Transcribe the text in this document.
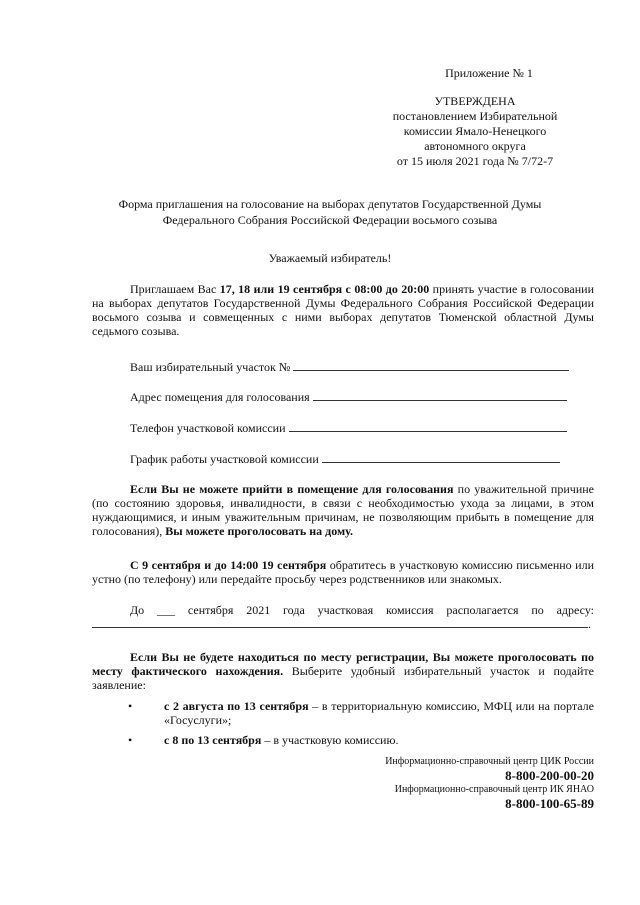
Приложение № 1
УТВЕРЖДЕНА
постановлением Избирательной
комиссии Ямало-Ненецкого
автономного округа
от 15 июля 2021 года № 7/72-7
Форма приглашения на голосование на выборах депутатов Государственной Думы
Федерального Собрания Российской Федерации восьмого созыва
Уважаемый избиратель!
Приглашаем Вас 17, 18 или 19 сентября с 08:00 до 20:00 принять участие в голосовании на выборах депутатов Государственной Думы Федерального Собрания Российской Федерации восьмого созыва и совмещенных с ними выборах депутатов Тюменской областной Думы седьмого созыва.
Ваш избирательный участок №
Адрес помещения для голосования
Телефон участковой комиссии
График работы участковой комиссии
Если Вы не можете прийти в помещение для голосования по уважительной причине (по состоянию здоровья, инвалидности, в связи с необходимостью ухода за лицами, в этом нуждающимися, и иным уважительным причинам, не позволяющим прибыть в помещение для голосования), Вы можете проголосовать на дому.
С 9 сентября и до 14:00 19 сентября обратитесь в участковую комиссию письменно или устно (по телефону) или передайте просьбу через родственников или знакомых.
До ___ сентября 2021 года участковая комиссия располагается по адресу:
.
Если Вы не будете находиться по месту регистрации, Вы можете проголосовать по месту фактического нахождения. Выберите удобный избирательный участок и подайте заявление:
•	с 2 августа по 13 сентября – в территориальную комиссию, МФЦ или на порталe «Госуслуги»;
•	с 8 по 13 сентября – в участковую комиссию.
Информационно-справочный центр ЦИК России
8-800-200-00-20
Информационно-справочный центр ИК ЯНАО
8-800-100-65-89
